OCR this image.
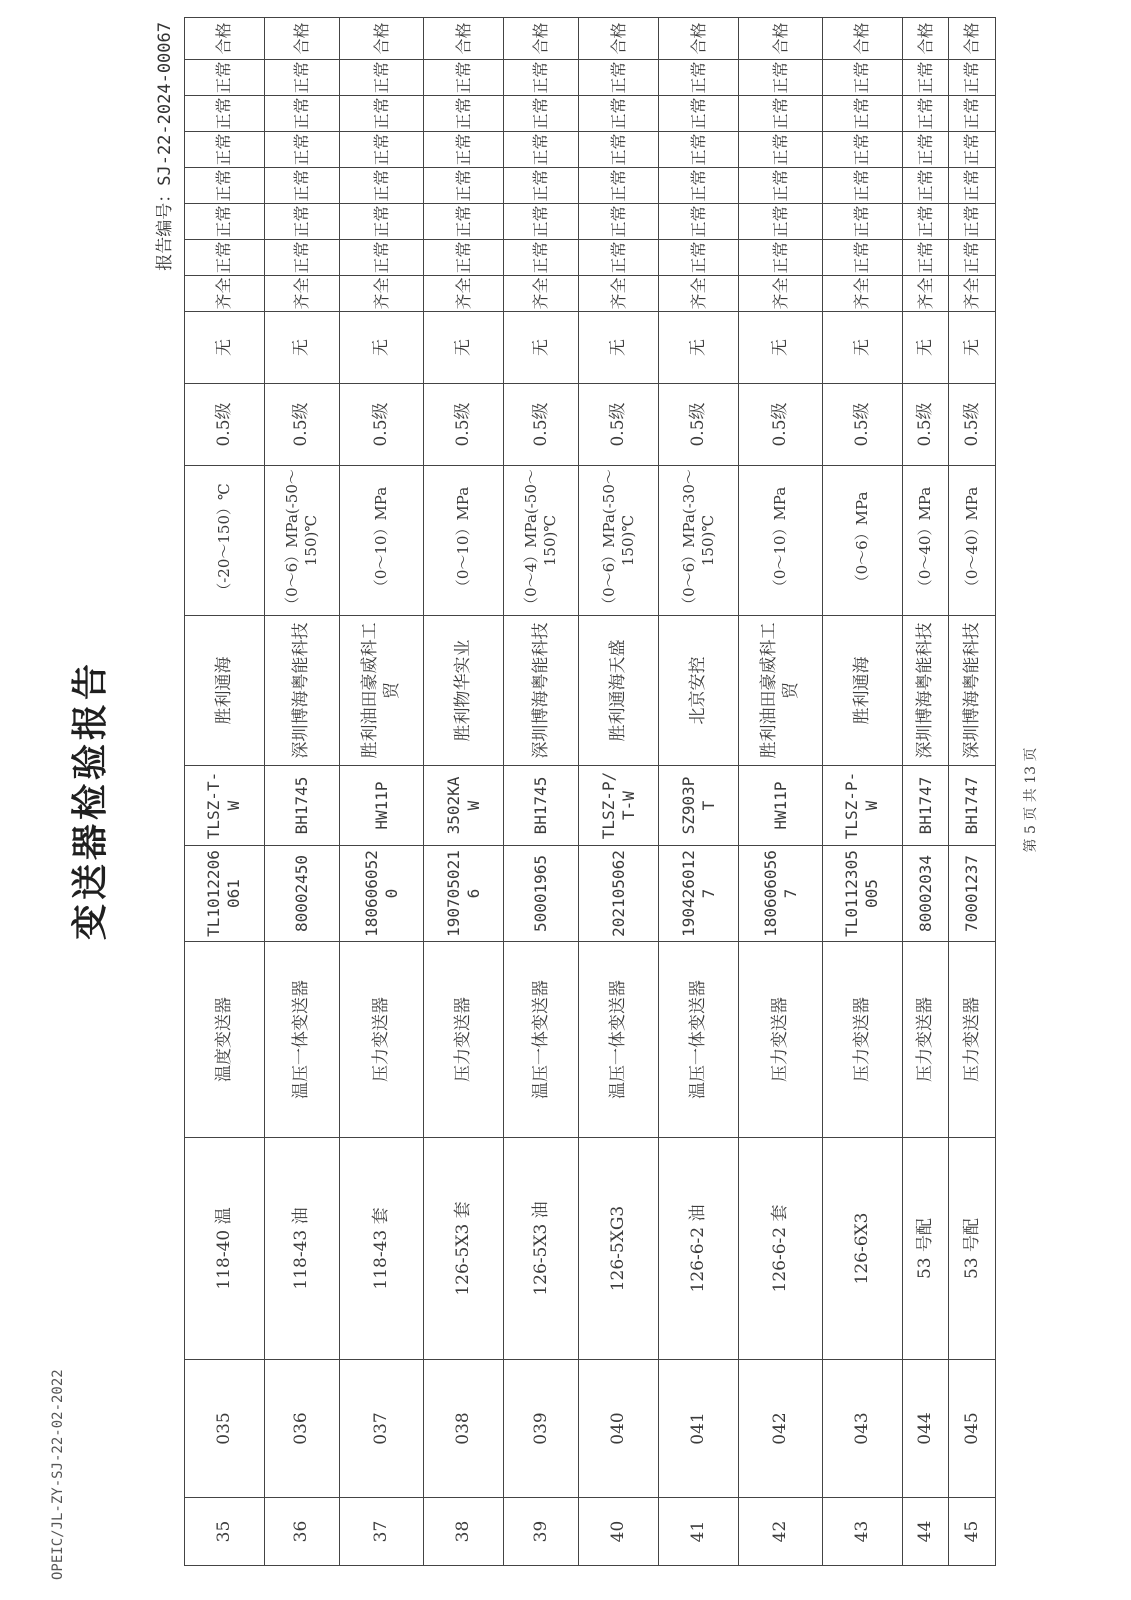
OPEIC/JL-ZY-SJ-22-02-2022
变送器检验报告
报告编号：SJ-22-2024-00067
35	035	118-40 温	温度变送器	TL1012206061	TLSZ-T-W	胜利通海	（-20～150）℃	0.5级	无	齐全	正常	正常	正常	正常	正常	正常	合格
36	036	118-43 油	温压一体变送器	80002450	BH1745	深圳博海粤能科技	（0～6）MPa(-50～150)℃	0.5级	无	齐全	正常	正常	正常	正常	正常	正常	合格
37	037	118-43 套	压力变送器	180606052 0	HW11P	胜利油田豪威科工贸	（0～10）MPa	0.5级	无	齐全	正常	正常	正常	正常	正常	正常	合格
38	038	126-5X3 套	压力变送器	190705021 6	3502KA W	胜利物华实业	（0～10）MPa	0.5级	无	齐全	正常	正常	正常	正常	正常	正常	合格
39	039	126-5X3 油	温压一体变送器	50001965	BH1745	深圳博海粤能科技	（0～4）MPa(-50～150)℃	0.5级	无	齐全	正常	正常	正常	正常	正常	正常	合格
40	040	126-5XG3	温压一体变送器	202105062	TLSZ-P/T-W	胜利通海天盛	（0～6）MPa(-50～150)℃	0.5级	无	齐全	正常	正常	正常	正常	正常	正常	合格
41	041	126-6-2 油	温压一体变送器	190426012 7	SZ903P T	北京安控	（0～6）MPa(-30～150)℃	0.5级	无	齐全	正常	正常	正常	正常	正常	正常	合格
42	042	126-6-2 套	压力变送器	180606056 7	HW11P	胜利油田豪威科工贸	（0～10）MPa	0.5级	无	齐全	正常	正常	正常	正常	正常	正常	合格
43	043	126-6X3	压力变送器	TL0112305005	TLSZ-P-W	胜利通海	（0～6）MPa	0.5级	无	齐全	正常	正常	正常	正常	正常	正常	合格
44	044	53 号配	压力变送器	80002034	BH1747	深圳博海粤能科技	（0～40）MPa	0.5级	无	齐全	正常	正常	正常	正常	正常	正常	合格
45	045	53 号配	压力变送器	70001237	BH1747	深圳博海粤能科技	（0～40）MPa	0.5级	无	齐全	正常	正常	正常	正常	正常	正常	合格
第 5 页 共 13 页
